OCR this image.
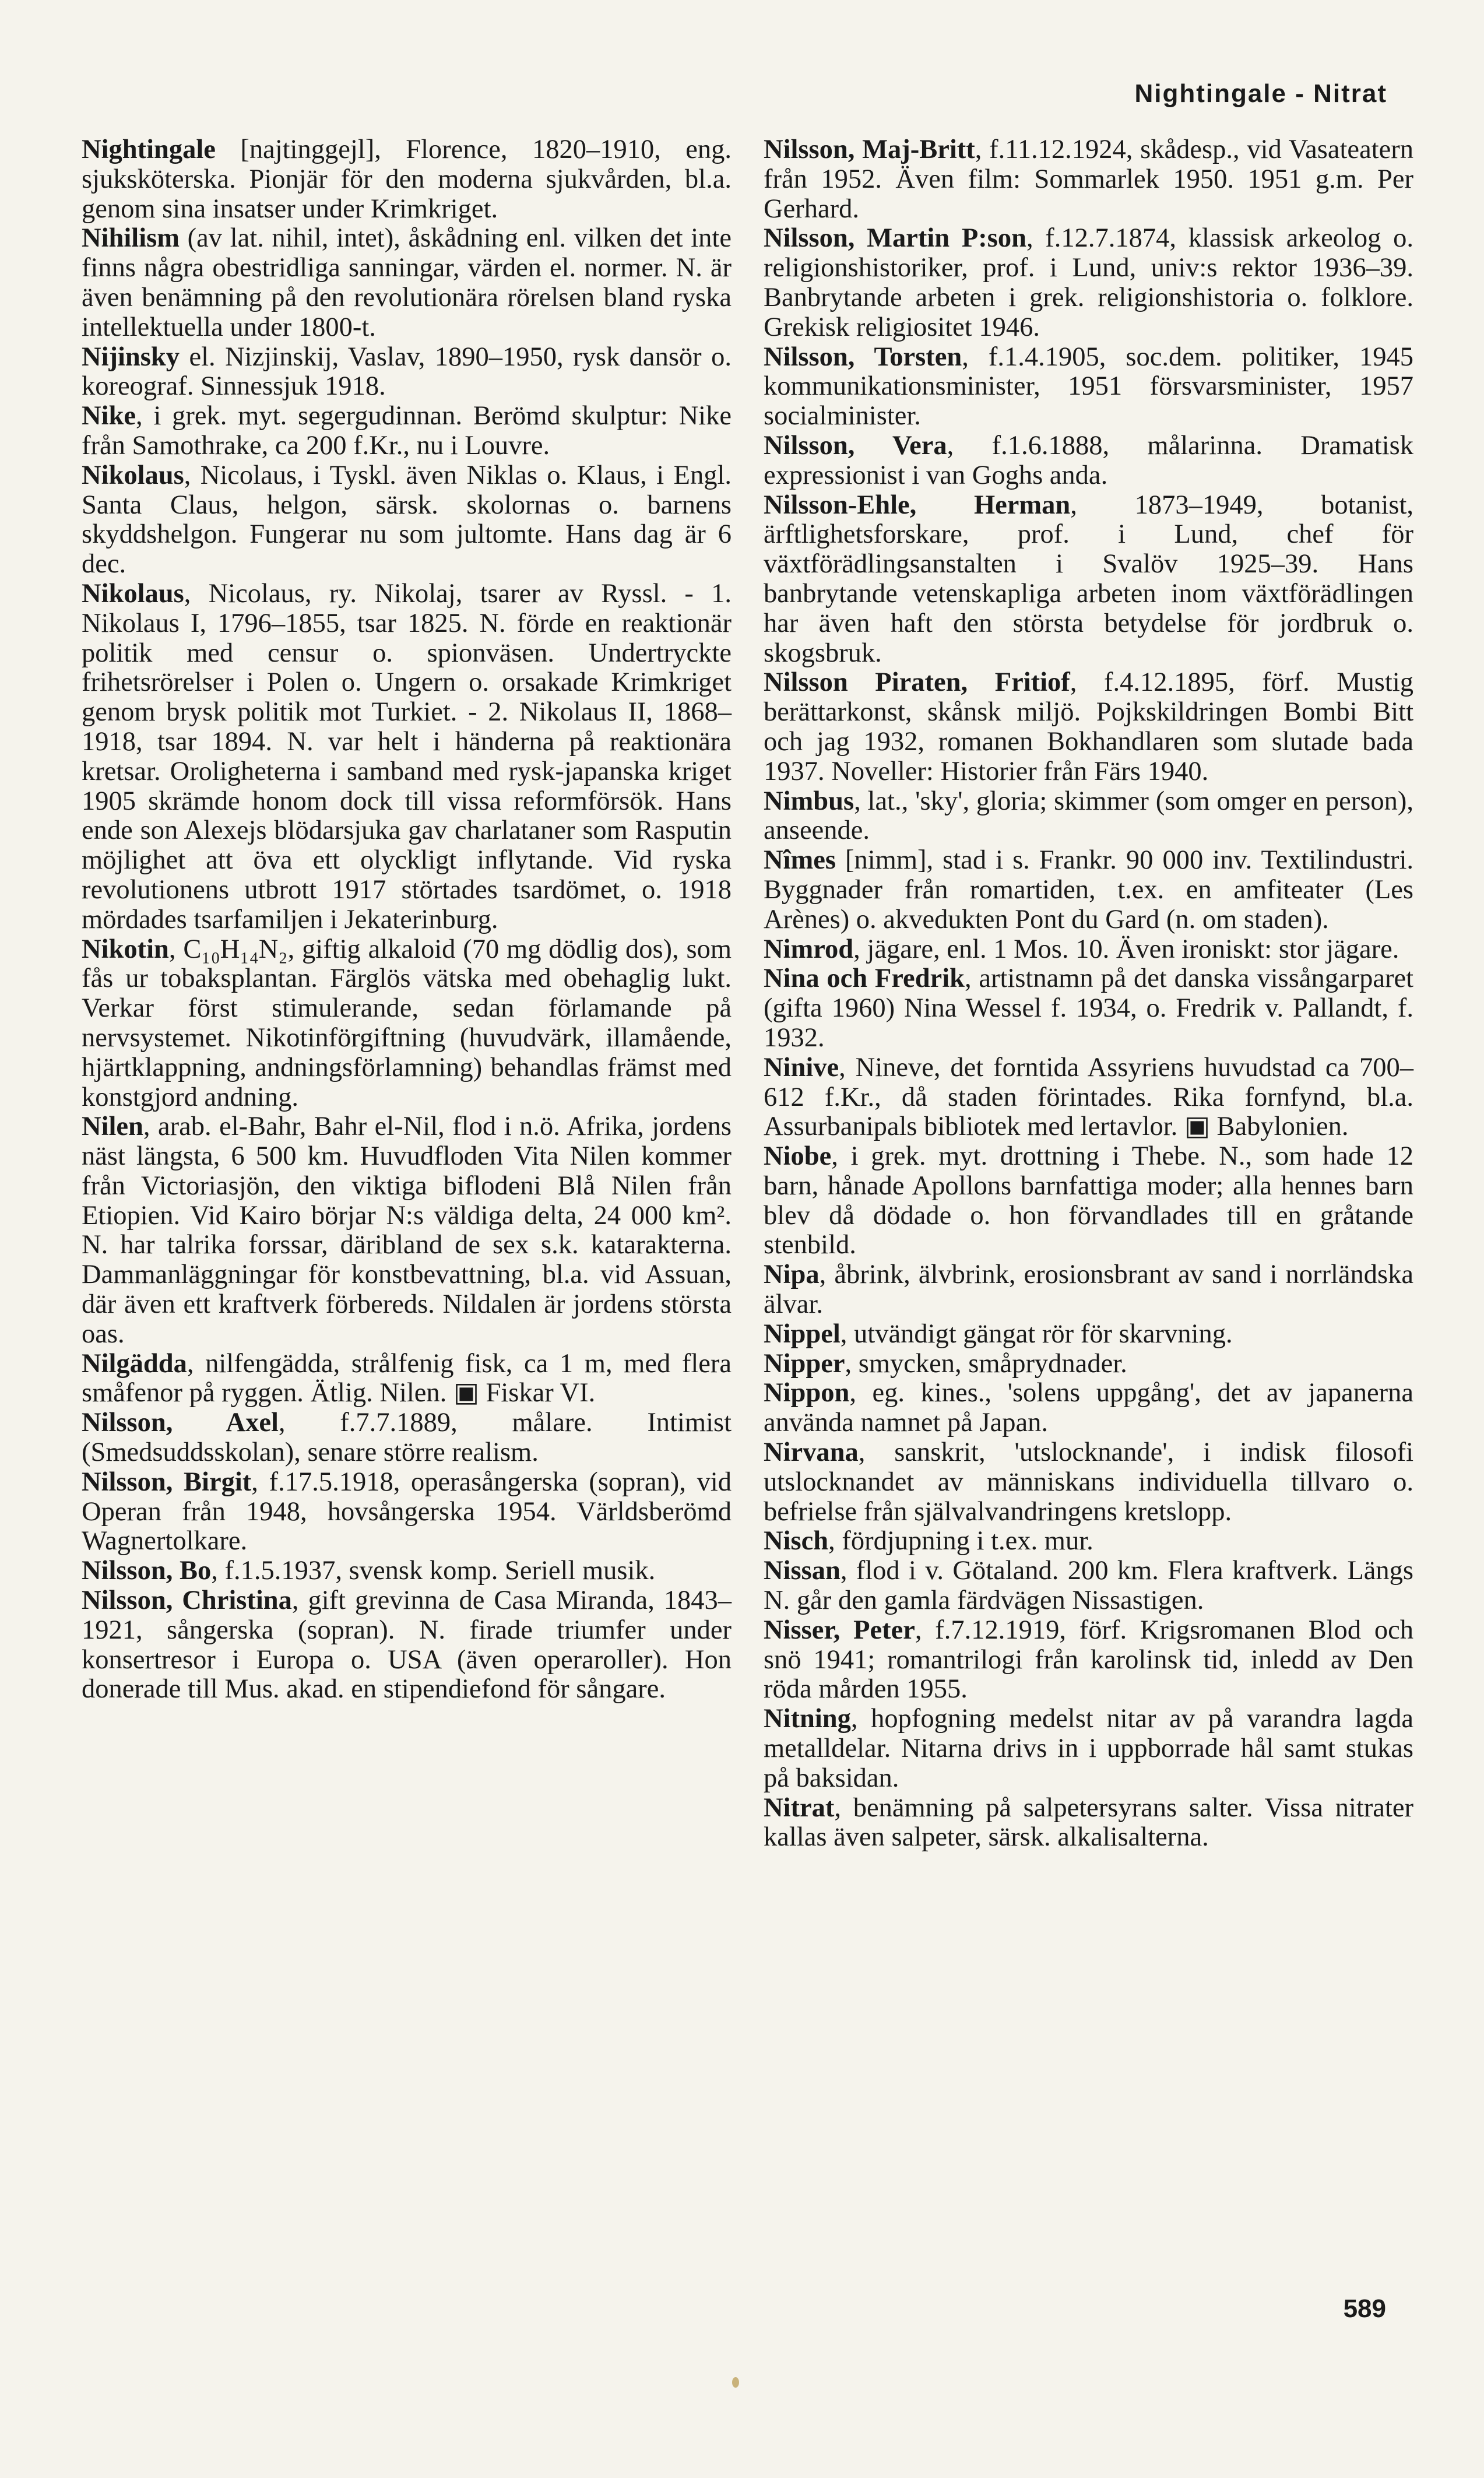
Nightingale - Nitrat

Nightingale [najtinggejl], Florence, 1820–1910, eng. sjuksköterska. Pionjär för den moderna sjukvården, bl.a. genom sina insatser under Krimkriget.

Nihilism (av lat. nihil, intet), åskådning enl. vilken det inte finns några obestridliga sanningar, värden el. normer. N. är även benämning på den revolutionära rörelsen bland ryska intellektuella under 1800-t.

Nijinsky el. Nizjinskij, Vaslav, 1890–1950, rysk dansör o. koreograf. Sinnessjuk 1918.

Nike, i grek. myt. segergudinnan. Berömd skulptur: Nike från Samothrake, ca 200 f.Kr., nu i Louvre.

Nikolaus, Nicolaus, i Tyskl. även Niklas o. Klaus, i Engl. Santa Claus, helgon, särsk. skolornas o. barnens skyddshelgon. Fungerar nu som jultomte. Hans dag är 6 dec.

Nikolaus, Nicolaus, ry. Nikolaj, tsarer av Ryssl. - 1. Nikolaus I, 1796–1855, tsar 1825. N. förde en reaktionär politik med censur o. spionväsen. Undertryckte frihetsrörelser i Polen o. Ungern o. orsakade Krimkriget genom brysk politik mot Turkiet. - 2. Nikolaus II, 1868–1918, tsar 1894. N. var helt i händerna på reaktionära kretsar. Oroligheterna i samband med rysk-japanska kriget 1905 skrämde honom dock till vissa reformförsök. Hans ende son Alexejs blödarsjuka gav charlataner som Rasputin möjlighet att öva ett olyckligt inflytande. Vid ryska revolutionens utbrott 1917 störtades tsardömet, o. 1918 mördades tsarfamiljen i Jekaterinburg.

Nikotin, C₁₀H₁₄N₂, giftig alkaloid (70 mg dödlig dos), som fås ur tobaksplantan. Färglös vätska med obehaglig lukt. Verkar först stimulerande, sedan förlamande på nervsystemet. Nikotinförgiftning (huvudvärk, illamående, hjärtklappning, andningsförlamning) behandlas främst med konstgjord andning.

Nilen, arab. el-Bahr, Bahr el-Nil, flod i n.ö. Afrika, jordens näst längsta, 6 500 km. Huvudfloden Vita Nilen kommer från Victoriasjön, den viktiga biflodeni Blå Nilen från Etiopien. Vid Kairo börjar N:s väldiga delta, 24 000 km². N. har talrika forssar, däribland de sex s.k. katarakterna. Dammanläggningar för konstbevattning, bl.a. vid Assuan, där även ett kraftverk förbereds. Nildalen är jordens största oas.

Nilgädda, nilfengädda, strålfenig fisk, ca 1 m, med flera småfenor på ryggen. Ätlig. Nilen. ▣ Fiskar VI.

Nilsson, Axel, f.7.7.1889, målare. Intimist (Smedsuddsskolan), senare större realism.

Nilsson, Birgit, f.17.5.1918, operasångerska (sopran), vid Operan från 1948, hovsångerska 1954. Världsberömd Wagnertolkare.

Nilsson, Bo, f.1.5.1937, svensk komp. Seriell musik.

Nilsson, Christina, gift grevinna de Casa Miranda, 1843–1921, sångerska (sopran). N. firade triumfer under konsertresor i Europa o. USA (även operaroller). Hon donerade till Mus. akad. en stipendiefond för sångare.

Nilsson, Maj-Britt, f.11.12.1924, skådesp., vid Vasateatern från 1952. Även film: Sommarlek 1950. 1951 g.m. Per Gerhard.

Nilsson, Martin P:son, f.12.7.1874, klassisk arkeolog o. religionshistoriker, prof. i Lund, univ:s rektor 1936–39. Banbrytande arbeten i grek. religionshistoria o. folklore. Grekisk religiositet 1946.

Nilsson, Torsten, f.1.4.1905, soc.dem. politiker, 1945 kommunikationsminister, 1951 försvarsminister, 1957 socialminister.

Nilsson, Vera, f.1.6.1888, målarinna. Dramatisk expressionist i van Goghs anda.

Nilsson-Ehle, Herman, 1873–1949, botanist, ärftlighetsforskare, prof. i Lund, chef för växtförädlingsanstalten i Svalöv 1925–39. Hans banbrytande vetenskapliga arbeten inom växtförädlingen har även haft den största betydelse för jordbruk o. skogsbruk.

Nilsson Piraten, Fritiof, f.4.12.1895, förf. Mustig berättarkonst, skånsk miljö. Pojkskildringen Bombi Bitt och jag 1932, romanen Bokhandlaren som slutade bada 1937. Noveller: Historier från Färs 1940.

Nimbus, lat., 'sky', gloria; skimmer (som omger en person), anseende.

Nîmes [nimm], stad i s. Frankr. 90 000 inv. Textilindustri. Byggnader från romartiden, t.ex. en amfiteater (Les Arènes) o. akvedukten Pont du Gard (n. om staden).

Nimrod, jägare, enl. 1 Mos. 10. Även ironiskt: stor jägare.

Nina och Fredrik, artistnamn på det danska vissångarparet (gifta 1960) Nina Wessel f. 1934, o. Fredrik v. Pallandt, f. 1932.

Ninive, Nineve, det forntida Assyriens huvudstad ca 700–612 f.Kr., då staden förintades. Rika fornfynd, bl.a. Assurbanipals bibliotek med lertavlor. ▣ Babylonien.

Niobe, i grek. myt. drottning i Thebe. N., som hade 12 barn, hånade Apollons barnfattiga moder; alla hennes barn blev då dödade o. hon förvandlades till en gråtande stenbild.

Nipa, åbrink, älvbrink, erosionsbrant av sand i norrländska älvar.

Nippel, utvändigt gängat rör för skarvning.

Nipper, smycken, småprydnader.

Nippon, eg. kines., 'solens uppgång', det av japanerna använda namnet på Japan.

Nirvana, sanskrit, 'utslocknande', i indisk filosofi utslocknandet av människans individuella tillvaro o. befrielse från självalvandringens kretslopp.

Nisch, fördjupning i t.ex. mur.

Nissan, flod i v. Götaland. 200 km. Flera kraftverk. Längs N. går den gamla färdvägen Nissastigen.

Nisser, Peter, f.7.12.1919, förf. Krigsromanen Blod och snö 1941; romantrilogi från karolinsk tid, inledd av Den röda mården 1955.

Nitning, hopfogning medelst nitar av på varandra lagda metalldelar. Nitarna drivs in i uppborrade hål samt stukas på baksidan.

Nitrat, benämning på salpetersyrans salter. Vissa nitrater kallas även salpeter, särsk. alkalisalterna.

589
